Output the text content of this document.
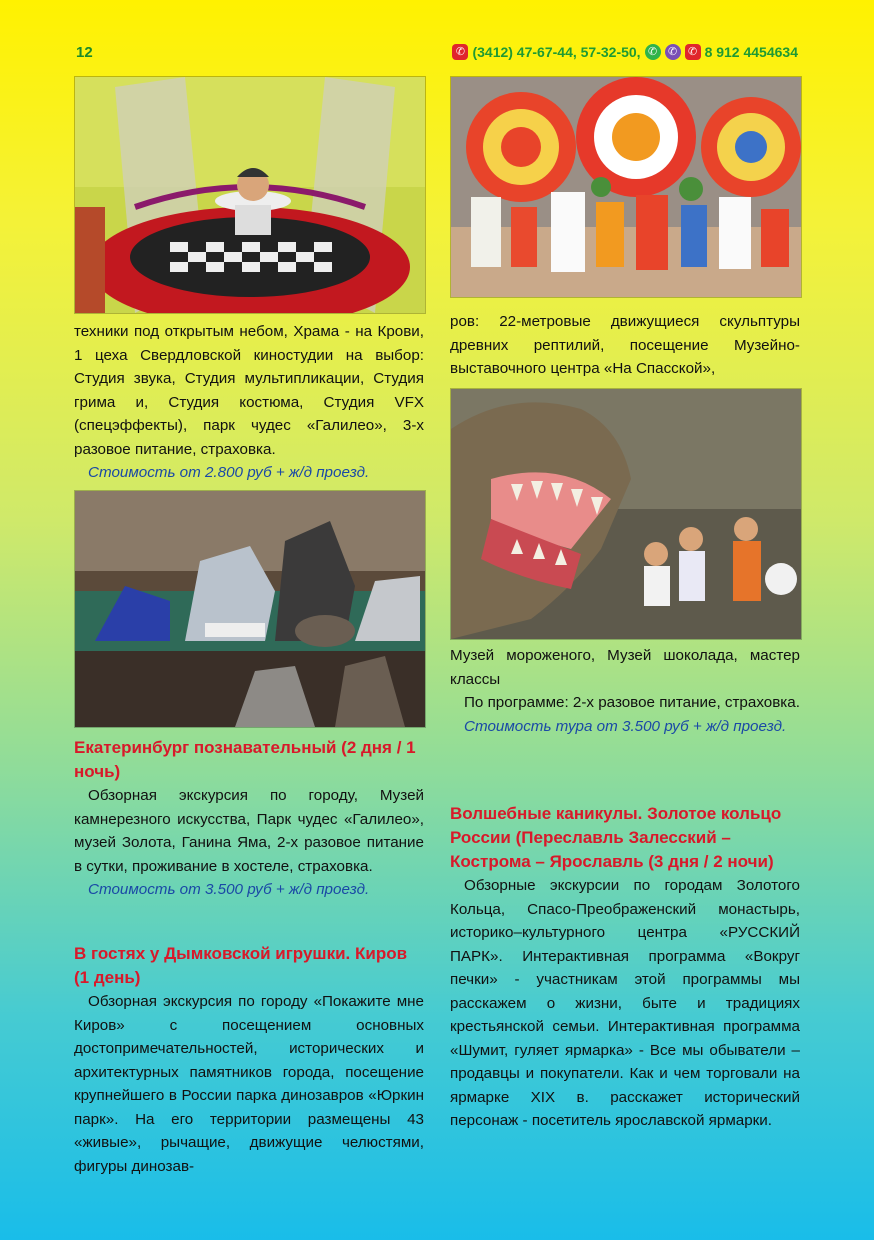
12	✆ (3412) 47-67-44, 57-32-50, ✆ ✆ ✆ 8 912 4454634

техники под открытым небом, Храма - на Крови, 1 цеха Свердловской киностудии на выбор: Студия звука, Студия мультипликации, Студия грима и, Студия костюма, Студия VFX (спецэффекты), парк чудес «Галилео», 3-х разовое питание, страховка.

Стоимость от 2.800 руб + ж/д проезд.

Екатеринбург познавательный (2 дня / 1 ночь)

Обзорная экскурсия по городу, Музей камнерезного искусства, Парк чудес «Галилео», музей Золота, Ганина Яма, 2-х разовое питание в сутки, проживание в хостеле, страховка.

Стоимость от 3.500 руб + ж/д проезд.

В гостях у Дымковской игрушки. Киров (1 день)

Обзорная экскурсия по городу «Покажите мне Киров» с посещением основных достопримечательностей, исторических и архитектурных памятников города, посещение крупнейшего в России парка динозавров «Юркин парк». На его территории размещены 43 «живые», рычащие, движущие челюстями, фигуры динозав-

ров: 22-метровые движущиеся скульптуры древних рептилий, посещение Музейно-выставочного центра «На Спасской»,

Музей мороженого, Музей шоколада, мастер классы

По программе: 2-х разовое питание, страховка.

Стоимость тура от 3.500 руб + ж/д проезд.

Волшебные каникулы. Золотое кольцо России (Переславль Залесский – Кострома – Ярославль (3 дня / 2 ночи)

Обзорные экскурсии по городам Золотого Кольца, Спасо-Преображенский монастырь, историко–культурного центра «РУССКИЙ ПАРК». Интерактивная программа «Вокруг печки» - участникам этой программы мы расскажем о жизни, быте и традициях крестьянской семьи. Интерактивная программа «Шумит, гуляет ярмарка» - Все мы обыватели – продавцы и покупатели. Как и чем торговали на ярмарке XIX в. расскажет исторический персонаж - посетитель ярославской ярмарки.
